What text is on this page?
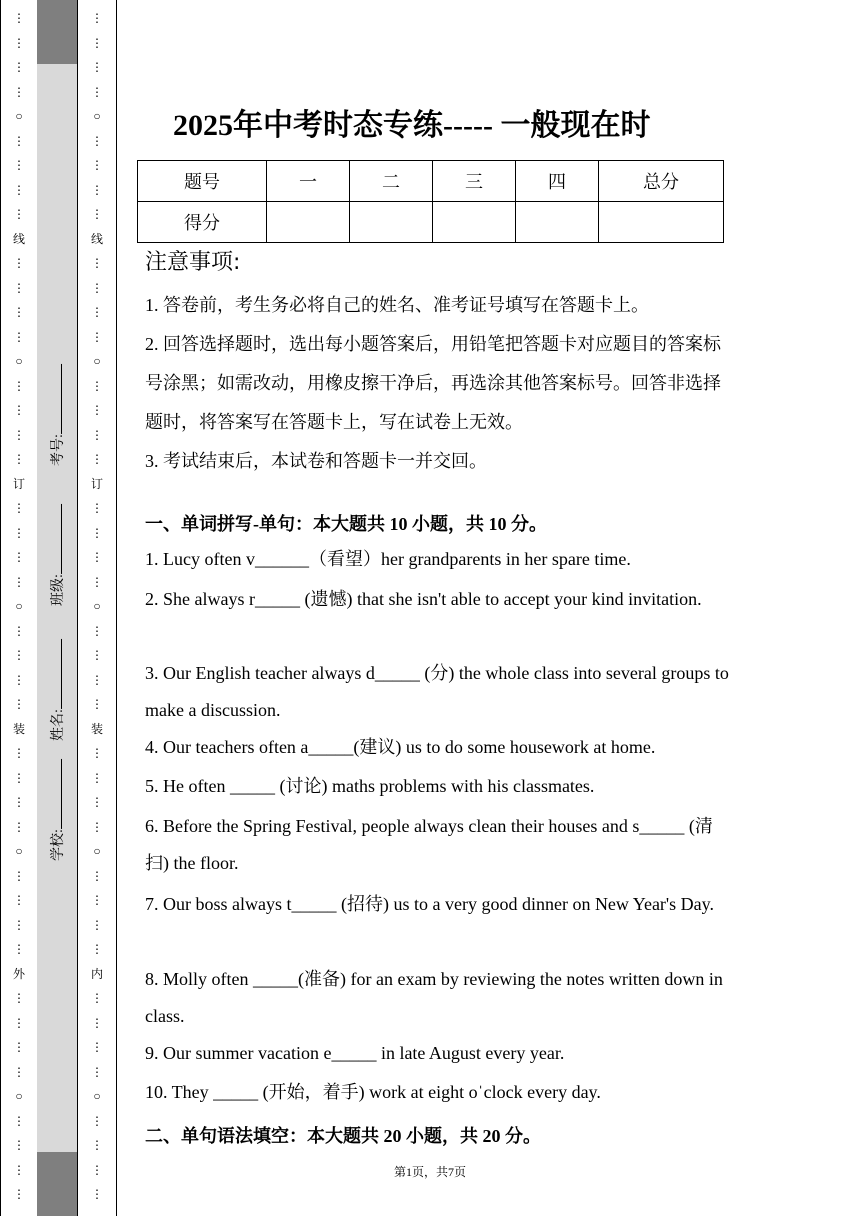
⋮
⋮
⋮
⋮
○
⋮
⋮
⋮
⋮
线
⋮
⋮
⋮
⋮
○
⋮
⋮
⋮
⋮
订
⋮
⋮
⋮
⋮
○
⋮
⋮
⋮
⋮
装
⋮
⋮
⋮
⋮
○
⋮
⋮
⋮
⋮
外
⋮
⋮
⋮
⋮
○
⋮
⋮
⋮
⋮
学校:
姓名:
班级:
考号:
⋮
⋮
⋮
⋮
○
⋮
⋮
⋮
⋮
线
⋮
⋮
⋮
⋮
○
⋮
⋮
⋮
⋮
订
⋮
⋮
⋮
⋮
○
⋮
⋮
⋮
⋮
装
⋮
⋮
⋮
⋮
○
⋮
⋮
⋮
⋮
内
⋮
⋮
⋮
⋮
○
⋮
⋮
⋮
⋮
2025年中考时态专练----- 一般现在时
题号	一	二	三	四	总分
得分					
注意事项:
1. 答卷前，考生务必将自己的姓名、准考证号填写在答题卡上。
2. 回答选择题时，选出每小题答案后，用铅笔把答题卡对应题目的答案标号涂黑；如需改动，用橡皮擦干净后，再选涂其他答案标号。回答非选择题时，将答案写在答题卡上，写在试卷上无效。
3. 考试结束后，本试卷和答题卡一并交回。
一、单词拼写-单句：本大题共 10 小题，共 10 分。
1. Lucy often v______（看望）her grandparents in her spare time.
2. She always r_____ (遗憾) that she isn't able to accept your kind invitation.
3. Our English teacher always d_____ (分) the whole class into several groups to make a discussion.
4. Our teachers often a_____(建议) us to do some housework at home.
5. He often _____ (讨论) maths problems with his classmates.
6. Before the Spring Festival, people always clean their houses and s_____ (清扫) the floor.
7. Our boss always t_____ (招待) us to a very good dinner on New Year's Day.
8. Molly often _____(准备) for an exam by reviewing the notes written down in class.
9. Our summer vacation e_____ in late August every year.
10. They _____ (开始，着手) work at eight oˈclock every day.
二、单句语法填空：本大题共 20 小题，共 20 分。
第1页，共7页
